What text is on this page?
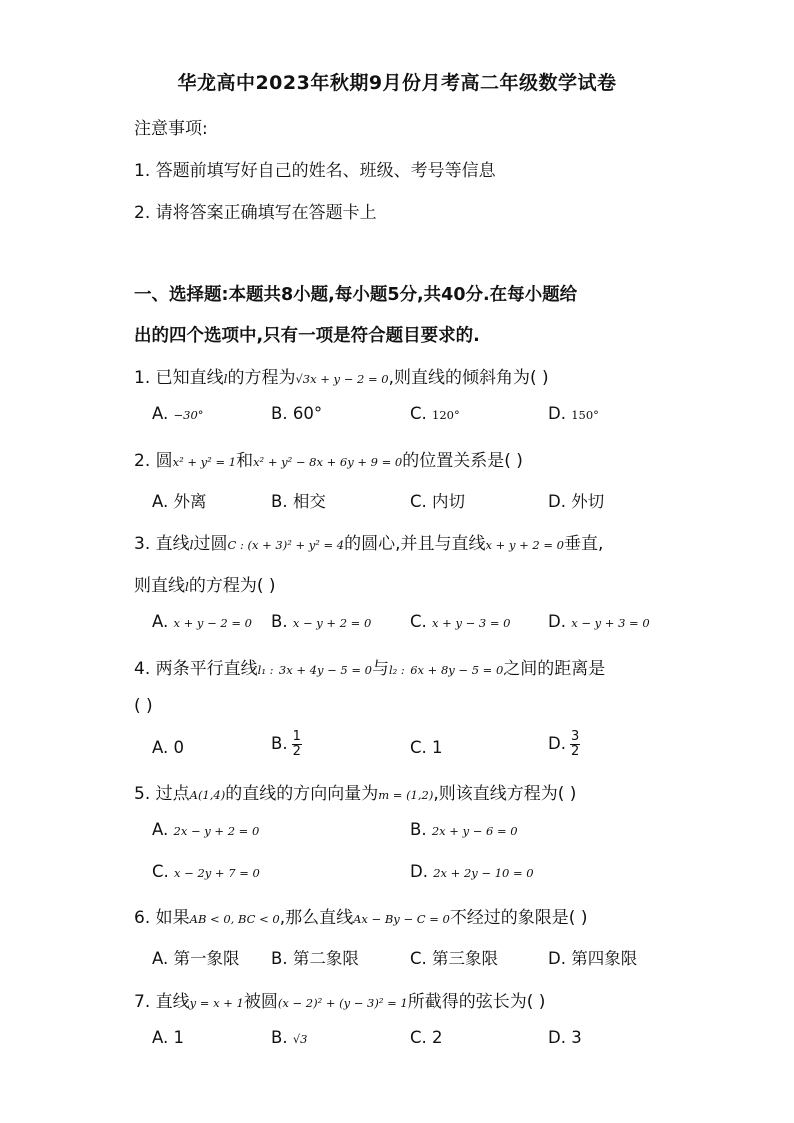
华龙高中2023年秋期9月份月考高二年级数学试卷
注意事项:
1. 答题前填写好自己的姓名、班级、考号等信息
2. 请将答案正确填写在答题卡上
一、选择题:本题共8小题,每小题5分,共40分.在每小题给
出的四个选项中,只有一项是符合题目要求的.
1. 已知直线l的方程为√3x + y − 2 = 0,则直线的倾斜角为( )
A. −30°	B. 60°	C. 120°	D. 150°
2. 圆x² + y² = 1和x² + y² − 8x + 6y + 9 = 0的位置关系是( )
A. 外离	B. 相交	C. 内切	D. 外切
3. 直线l过圆C : (x + 3)² + y² = 4的圆心,并且与直线x + y + 2 = 0垂直,
则直线l的方程为( )
A. x + y − 2 = 0 B. x − y + 2 = 0 C. x + y − 3 = 0 D. x − y + 3 = 0
4. 两条平行直线l₁ : 3x + 4y − 5 = 0与l₂ : 6x + 8y − 5 = 0之间的距离是
( )
A. 0	B. $\frac{1}{2}$	C. 1	D. $\frac{3}{2}$
5. 过点A(1,4)的直线的方向向量为m = (1,2),则该直线方程为( )
A. 2x − y + 2 = 0	B. 2x + y − 6 = 0
C. x − 2y + 7 = 0	D. 2x + 2y − 10 = 0
6. 如果AB < 0, BC < 0,那么直线Ax − By − C = 0不经过的象限是( )
A. 第一象限 B. 第二象限	C. 第三象限	D. 第四象限
7. 直线y = x + 1被圆(x − 2)² + (y − 3)² = 1所截得的弦长为( )
A. 1	B. √3	C. 2	D. 3
